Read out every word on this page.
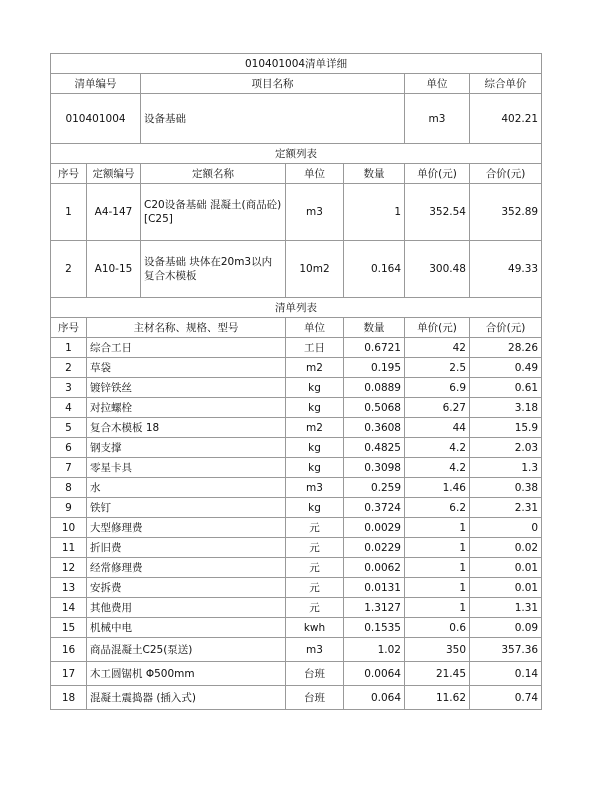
010401004清单详细						
清单编号		项目名称			单位	综合单价
010401004		设备基础			m3	402.21
定额列表						
序号	定额编号	定额名称	单位	数量	单价(元)	合价(元)
1	A4-147	C20设备基础 混凝土(商品砼)[C25]	m3	1	352.54	352.89
2	A10-15	设备基础 块体在20m3以内 复合木模板	10m2	0.164	300.48	49.33
清单列表						
序号	主材名称、规格、型号		单位	数量	单价(元)	合价(元)
1	综合工日		工日	0.6721	42	28.26
2	草袋		m2	0.195	2.5	0.49
3	镀锌铁丝		kg	0.0889	6.9	0.61
4	对拉螺栓		kg	0.5068	6.27	3.18
5	复合木模板 18		m2	0.3608	44	15.9
6	钢支撑		kg	0.4825	4.2	2.03
7	零星卡具		kg	0.3098	4.2	1.3
8	水		m3	0.259	1.46	0.38
9	铁钉		kg	0.3724	6.2	2.31
10	大型修理费		元	0.0029	1	0
11	折旧费		元	0.0229	1	0.02
12	经常修理费		元	0.0062	1	0.01
13	安拆费		元	0.0131	1	0.01
14	其他费用		元	1.3127	1	1.31
15	机械中电		kwh	0.1535	0.6	0.09
16	商品混凝土C25(泵送)		m3	1.02	350	357.36
17	木工圆锯机 Φ500mm		台班	0.0064	21.45	0.14
18	混凝土震捣器 (插入式)		台班	0.064	11.62	0.74
